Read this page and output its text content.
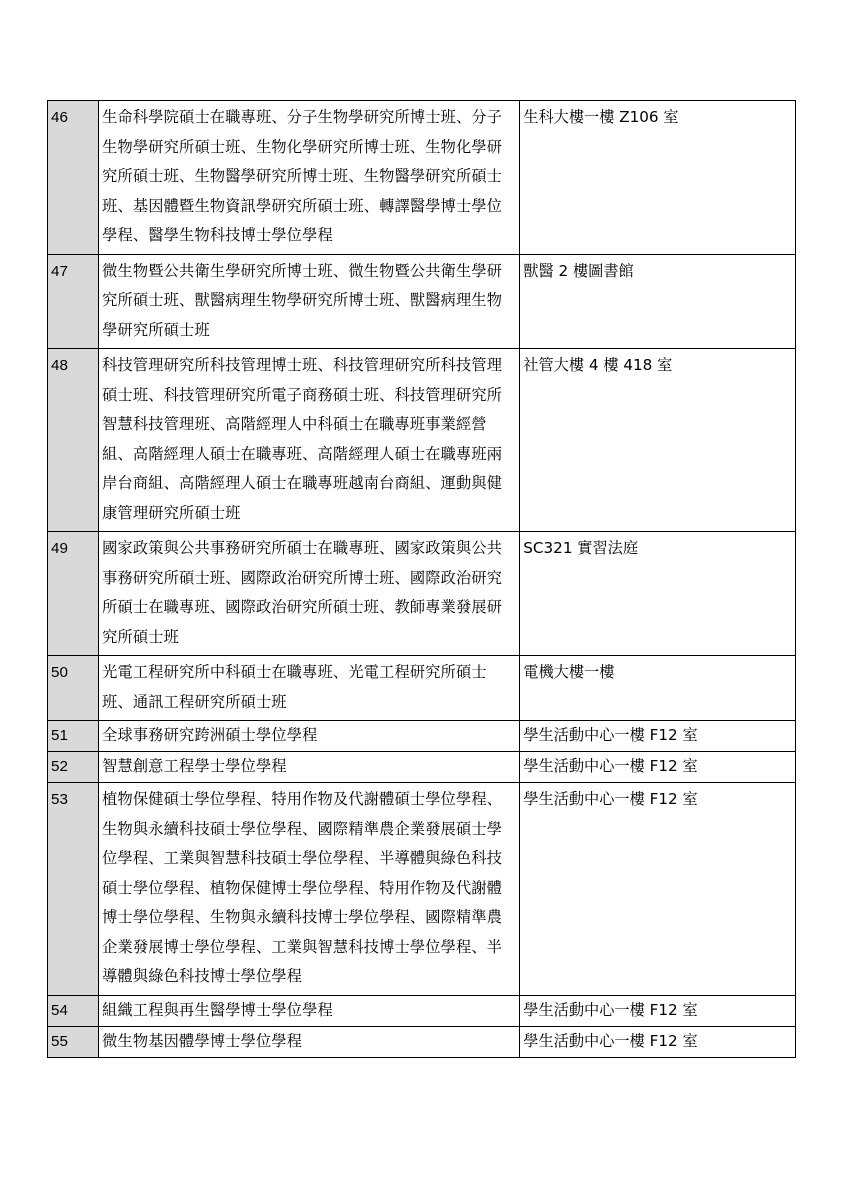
46	生命科學院碩士在職專班、分子生物學研究所博士班、分子生物學研究所碩士班、生物化學研究所博士班、生物化學研究所碩士班、生物醫學研究所博士班、生物醫學研究所碩士班、基因體暨生物資訊學研究所碩士班、轉譯醫學博士學位學程、醫學生物科技博士學位學程	生科大樓一樓 Z106 室
47	微生物暨公共衛生學研究所博士班、微生物暨公共衛生學研究所碩士班、獸醫病理生物學研究所博士班、獸醫病理生物學研究所碩士班	獸醫 2 樓圖書館
48	科技管理研究所科技管理博士班、科技管理研究所科技管理碩士班、科技管理研究所電子商務碩士班、科技管理研究所智慧科技管理班、高階經理人中科碩士在職專班事業經營組、高階經理人碩士在職專班、高階經理人碩士在職專班兩岸台商組、高階經理人碩士在職專班越南台商組、運動與健康管理研究所碩士班	社管大樓 4 樓 418 室
49	國家政策與公共事務研究所碩士在職專班、國家政策與公共事務研究所碩士班、國際政治研究所博士班、國際政治研究所碩士在職專班、國際政治研究所碩士班、教師專業發展研究所碩士班	SC321 實習法庭
50	光電工程研究所中科碩士在職專班、光電工程研究所碩士班、通訊工程研究所碩士班	電機大樓一樓
51	全球事務研究跨洲碩士學位學程	學生活動中心一樓 F12 室
52	智慧創意工程學士學位學程	學生活動中心一樓 F12 室
53	植物保健碩士學位學程、特用作物及代謝體碩士學位學程、生物與永續科技碩士學位學程、國際精準農企業發展碩士學位學程、工業與智慧科技碩士學位學程、半導體與綠色科技碩士學位學程、植物保健博士學位學程、特用作物及代謝體博士學位學程、生物與永續科技博士學位學程、國際精準農企業發展博士學位學程、工業與智慧科技博士學位學程、半導體與綠色科技博士學位學程	學生活動中心一樓 F12 室
54	組織工程與再生醫學博士學位學程	學生活動中心一樓 F12 室
55	微生物基因體學博士學位學程	學生活動中心一樓 F12 室
